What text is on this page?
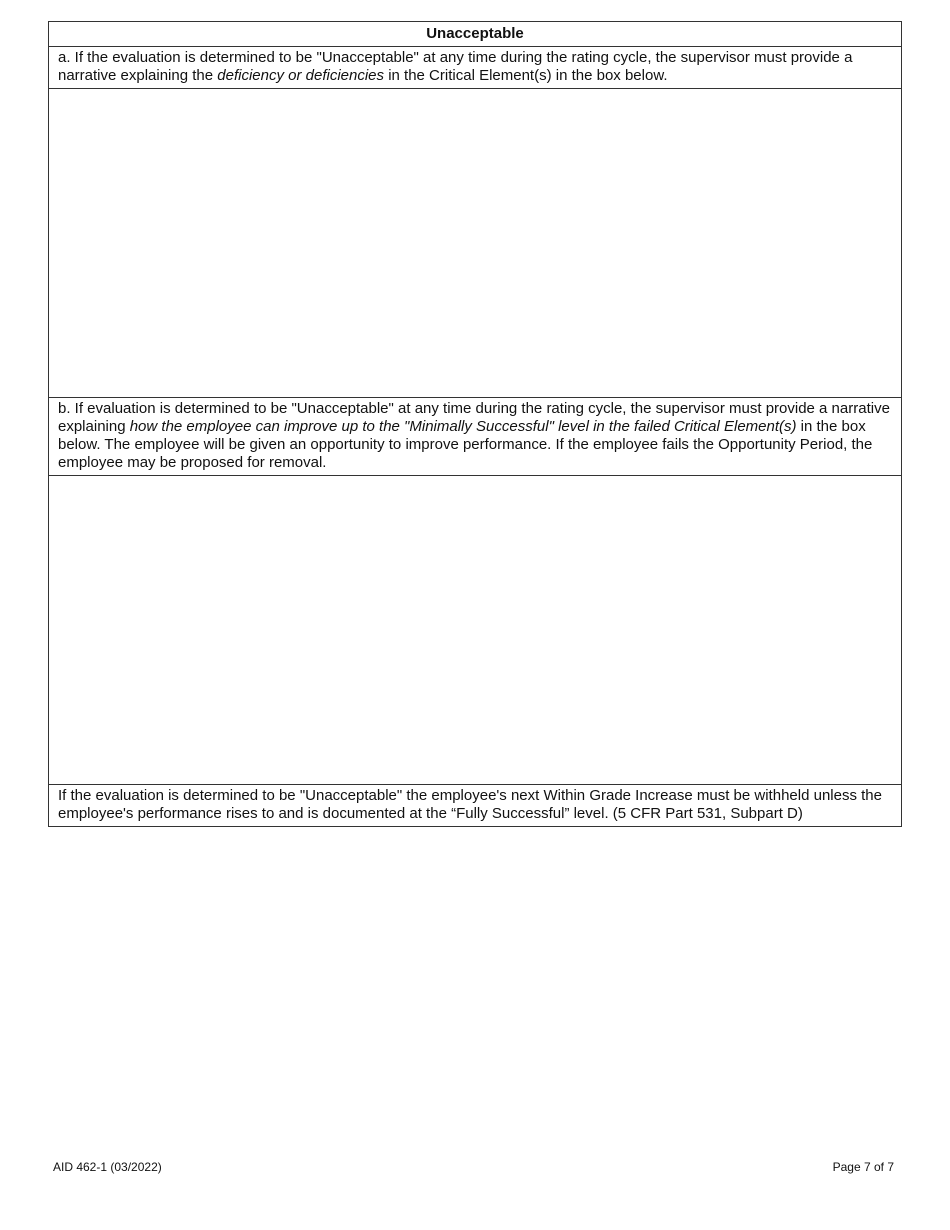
Unacceptable
a. If the evaluation is determined to be "Unacceptable" at any time during the rating cycle, the supervisor must provide a narrative explaining the deficiency or deficiencies in the Critical Element(s) in the box below.
b. If evaluation is determined to be "Unacceptable" at any time during the rating cycle, the supervisor must provide a narrative explaining how the employee can improve up to the "Minimally Successful" level in the failed Critical Element(s) in the box below. The employee will be given an opportunity to improve performance. If the employee fails the Opportunity Period, the employee may be proposed for removal.
If the evaluation is determined to be "Unacceptable" the employee's next Within Grade Increase must be withheld unless the employee's performance rises to and is documented at the “Fully Successful” level. (5 CFR Part 531, Subpart D)
AID 462-1 (03/2022)	Page 7 of 7
